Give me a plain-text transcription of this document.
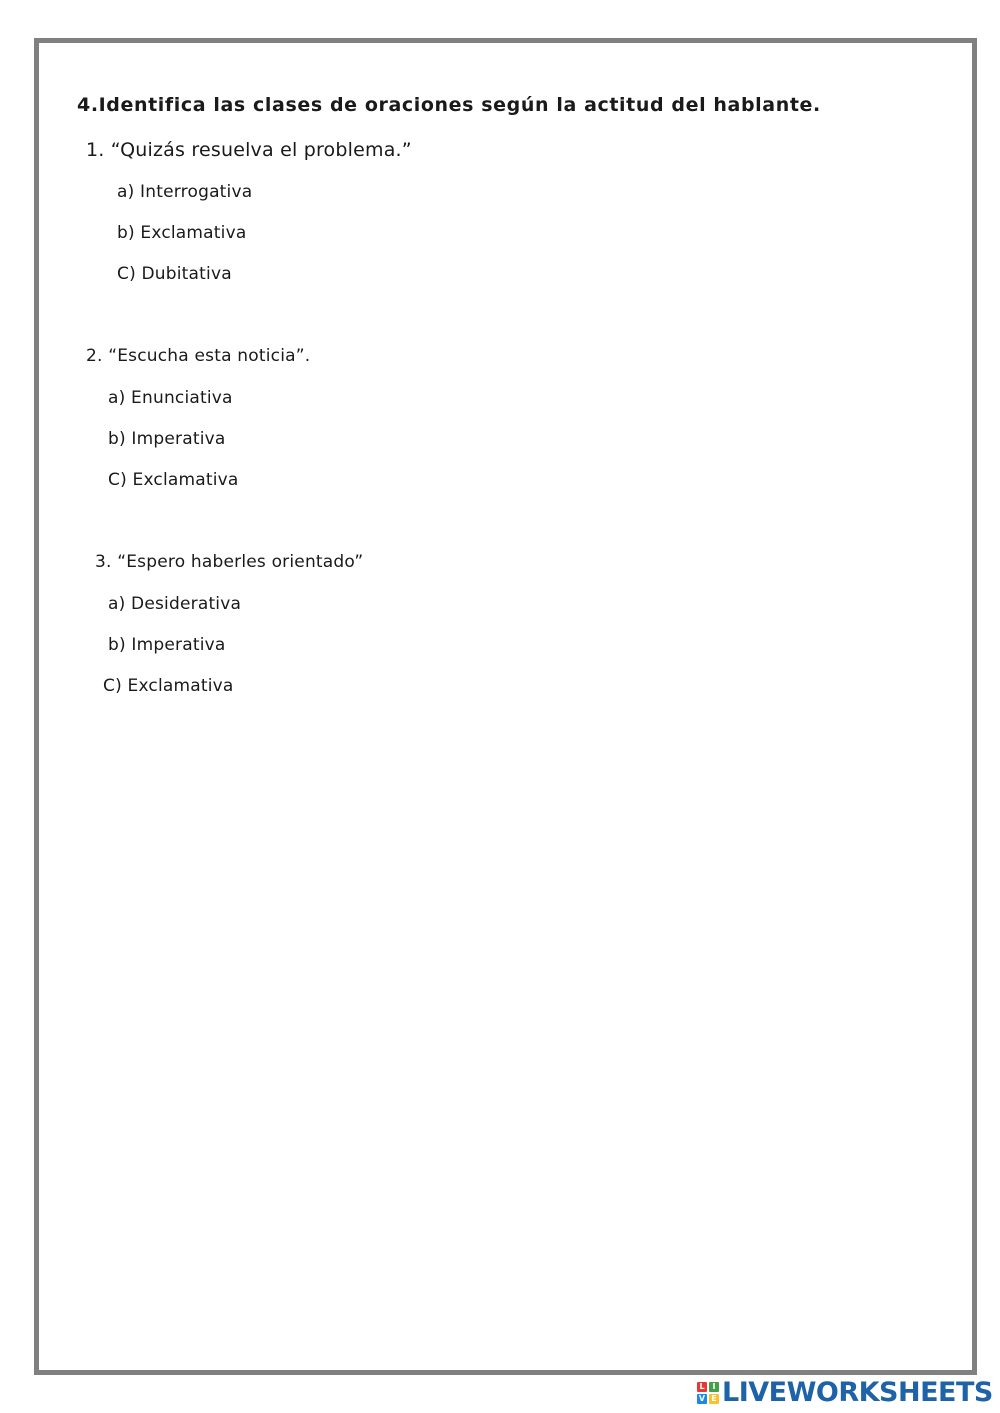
4.Identifica las clases de oraciones según la actitud del hablante.
1. “Quizás resuelva el problema.”
a) Interrogativa
b) Exclamativa
C) Dubitativa
2. “Escucha esta noticia”.
a) Enunciativa
b) Imperativa
C) Exclamativa
3. “Espero haberles orientado”
a) Desiderativa
b) Imperativa
C) Exclamativa
L I
V E LIVEWORKSHEETS
